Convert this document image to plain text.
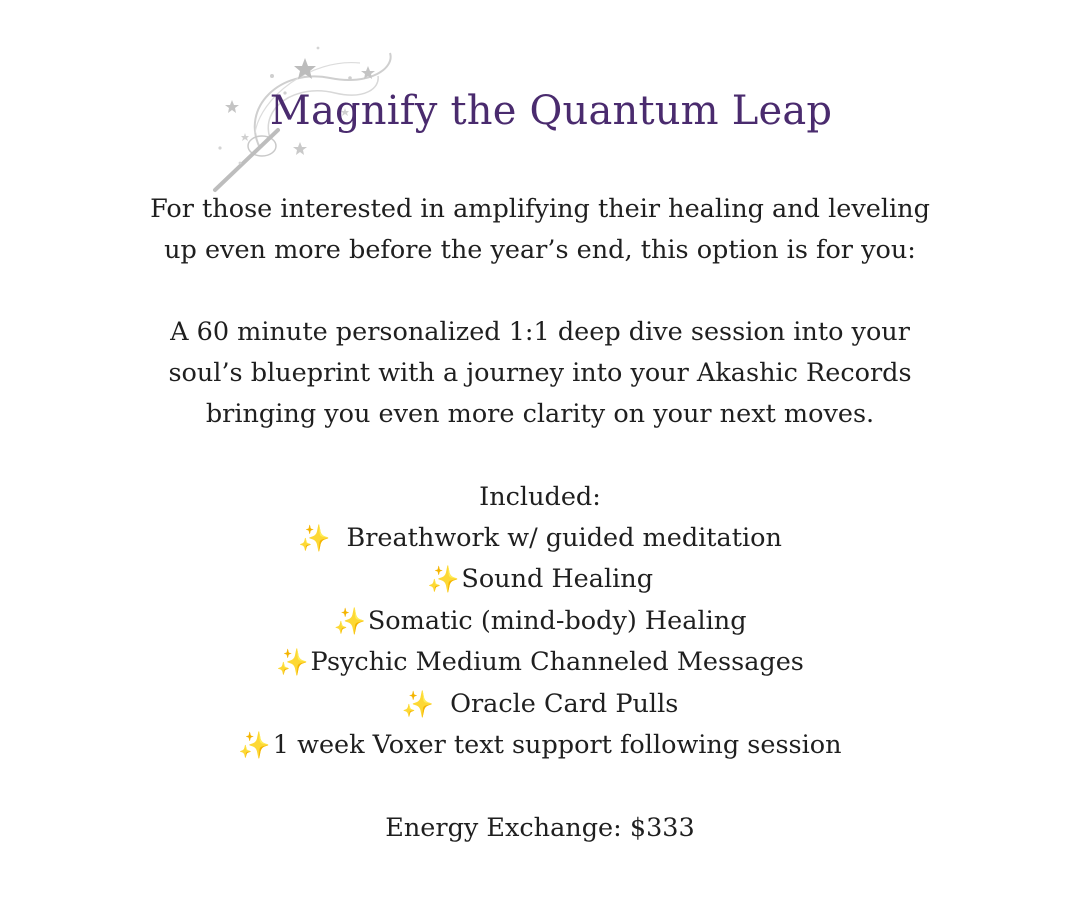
Magnify the Quantum Leap
For those interested in amplifying their healing and leveling
up even more before the year’s end, this option is for you:
A 60 minute personalized 1:1 deep dive session into your
soul’s blueprint with a journey into your Akashic Records
bringing you even more clarity on your next moves.
Included:
✨ Breathwork w/ guided meditation
✨Sound Healing
✨Somatic (mind-body) Healing
✨Psychic Medium Channeled Messages
✨ Oracle Card Pulls
✨1 week Voxer text support following session
Energy Exchange: $333
